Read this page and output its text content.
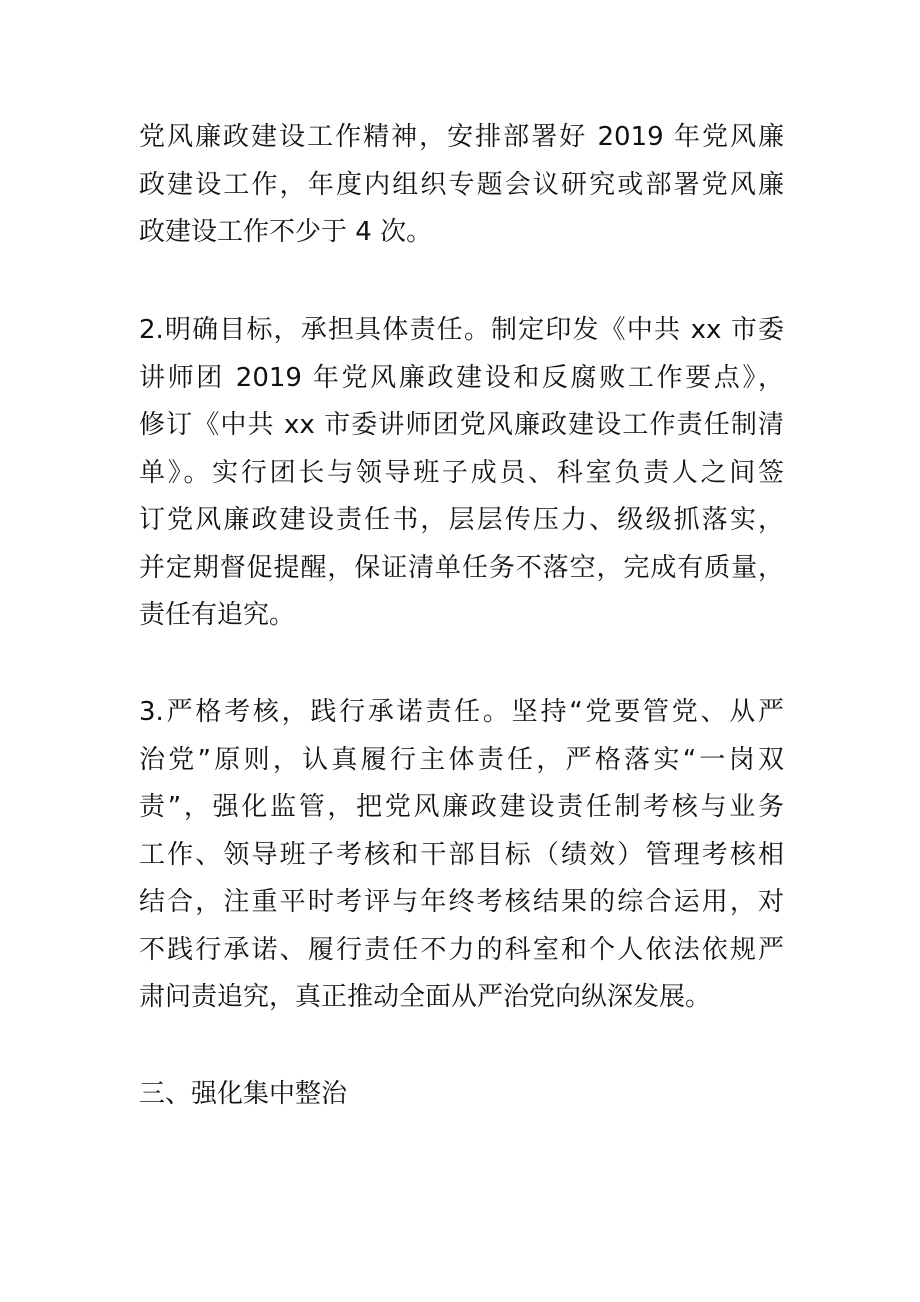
党风廉政建设工作精神，安排部署好 2019 年党风廉
政建设工作，年度内组织专题会议研究或部署党风廉
政建设工作不少于 4 次。
2.明确目标，承担具体责任。制定印发《中共 xx 市委
讲师团 2019 年党风廉政建设和反腐败工作要点》，
修订《中共 xx 市委讲师团党风廉政建设工作责任制清
单》。实行团长与领导班子成员、科室负责人之间签
订党风廉政建设责任书，层层传压力、级级抓落实，
并定期督促提醒，保证清单任务不落空，完成有质量，
责任有追究。
3.严格考核，践行承诺责任。坚持“党要管党、从严
治党”原则，认真履行主体责任，严格落实“一岗双
责”，强化监管，把党风廉政建设责任制考核与业务
工作、领导班子考核和干部目标（绩效）管理考核相
结合，注重平时考评与年终考核结果的综合运用，对
不践行承诺、履行责任不力的科室和个人依法依规严
肃问责追究，真正推动全面从严治党向纵深发展。
三、强化集中整治
